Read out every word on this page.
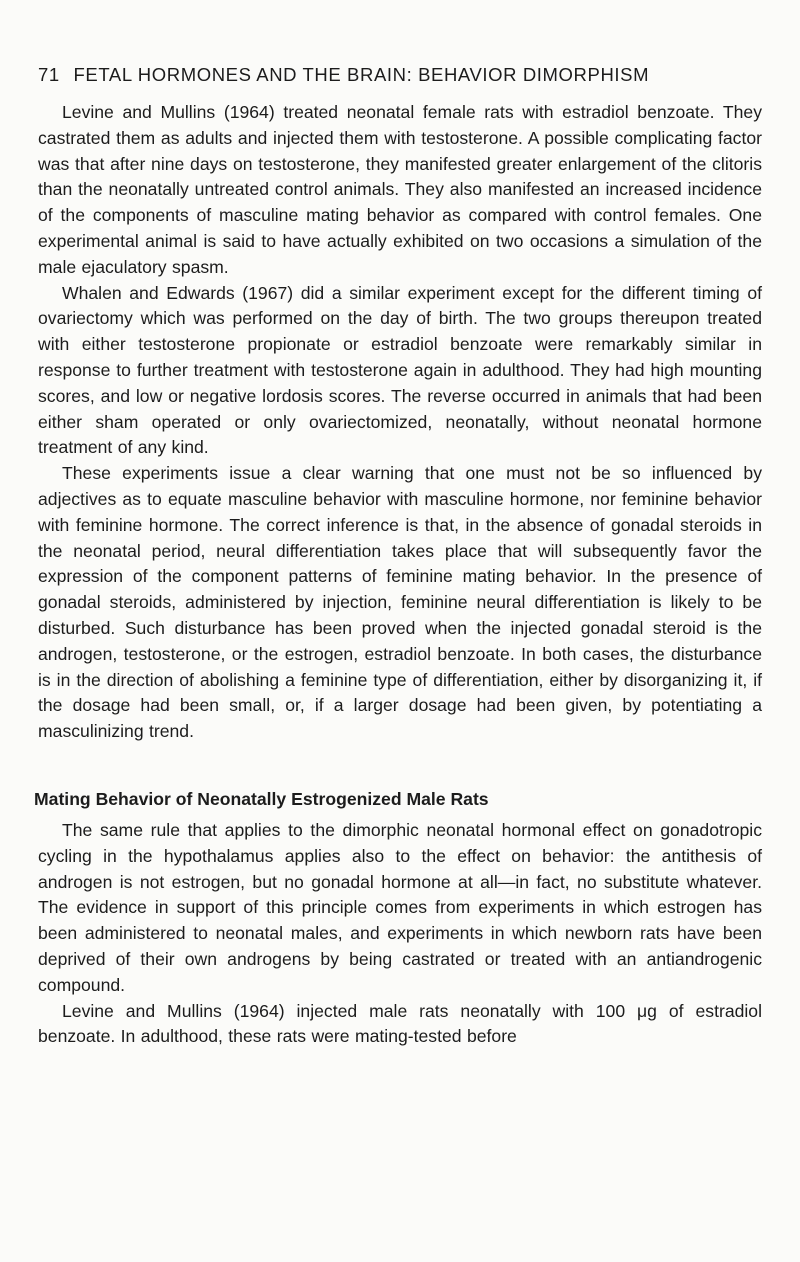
71 FETAL HORMONES AND THE BRAIN: BEHAVIOR DIMORPHISM

Levine and Mullins (1964) treated neonatal female rats with estradiol benzoate. They castrated them as adults and injected them with testosterone. A possible complicating factor was that after nine days on testosterone, they manifested greater enlargement of the clitoris than the neonatally untreated control animals. They also manifested an increased incidence of the components of masculine mating behavior as compared with control females. One experimental animal is said to have actually exhibited on two occasions a simulation of the male ejaculatory spasm.

Whalen and Edwards (1967) did a similar experiment except for the different timing of ovariectomy which was performed on the day of birth. The two groups thereupon treated with either testosterone propionate or estradiol benzoate were remarkably similar in response to further treatment with testosterone again in adulthood. They had high mounting scores, and low or negative lordosis scores. The reverse occurred in animals that had been either sham operated or only ovariectomized, neonatally, without neonatal hormone treatment of any kind.

These experiments issue a clear warning that one must not be so influenced by adjectives as to equate masculine behavior with masculine hormone, nor feminine behavior with feminine hormone. The correct inference is that, in the absence of gonadal steroids in the neonatal period, neural differentiation takes place that will subsequently favor the expression of the component patterns of feminine mating behavior. In the presence of gonadal steroids, administered by injection, feminine neural differentiation is likely to be disturbed. Such disturbance has been proved when the injected gonadal steroid is the androgen, testosterone, or the estrogen, estradiol benzoate. In both cases, the disturbance is in the direction of abolishing a feminine type of differentiation, either by disorganizing it, if the dosage had been small, or, if a larger dosage had been given, by potentiating a masculinizing trend.

Mating Behavior of Neonatally Estrogenized Male Rats

The same rule that applies to the dimorphic neonatal hormonal effect on gonadotropic cycling in the hypothalamus applies also to the effect on behavior: the antithesis of androgen is not estrogen, but no gonadal hormone at all—in fact, no substitute whatever. The evidence in support of this principle comes from experiments in which estrogen has been administered to neonatal males, and experiments in which newborn rats have been deprived of their own androgens by being castrated or treated with an antiandrogenic compound.

Levine and Mullins (1964) injected male rats neonatally with 100 μg of estradiol benzoate. In adulthood, these rats were mating-tested before
